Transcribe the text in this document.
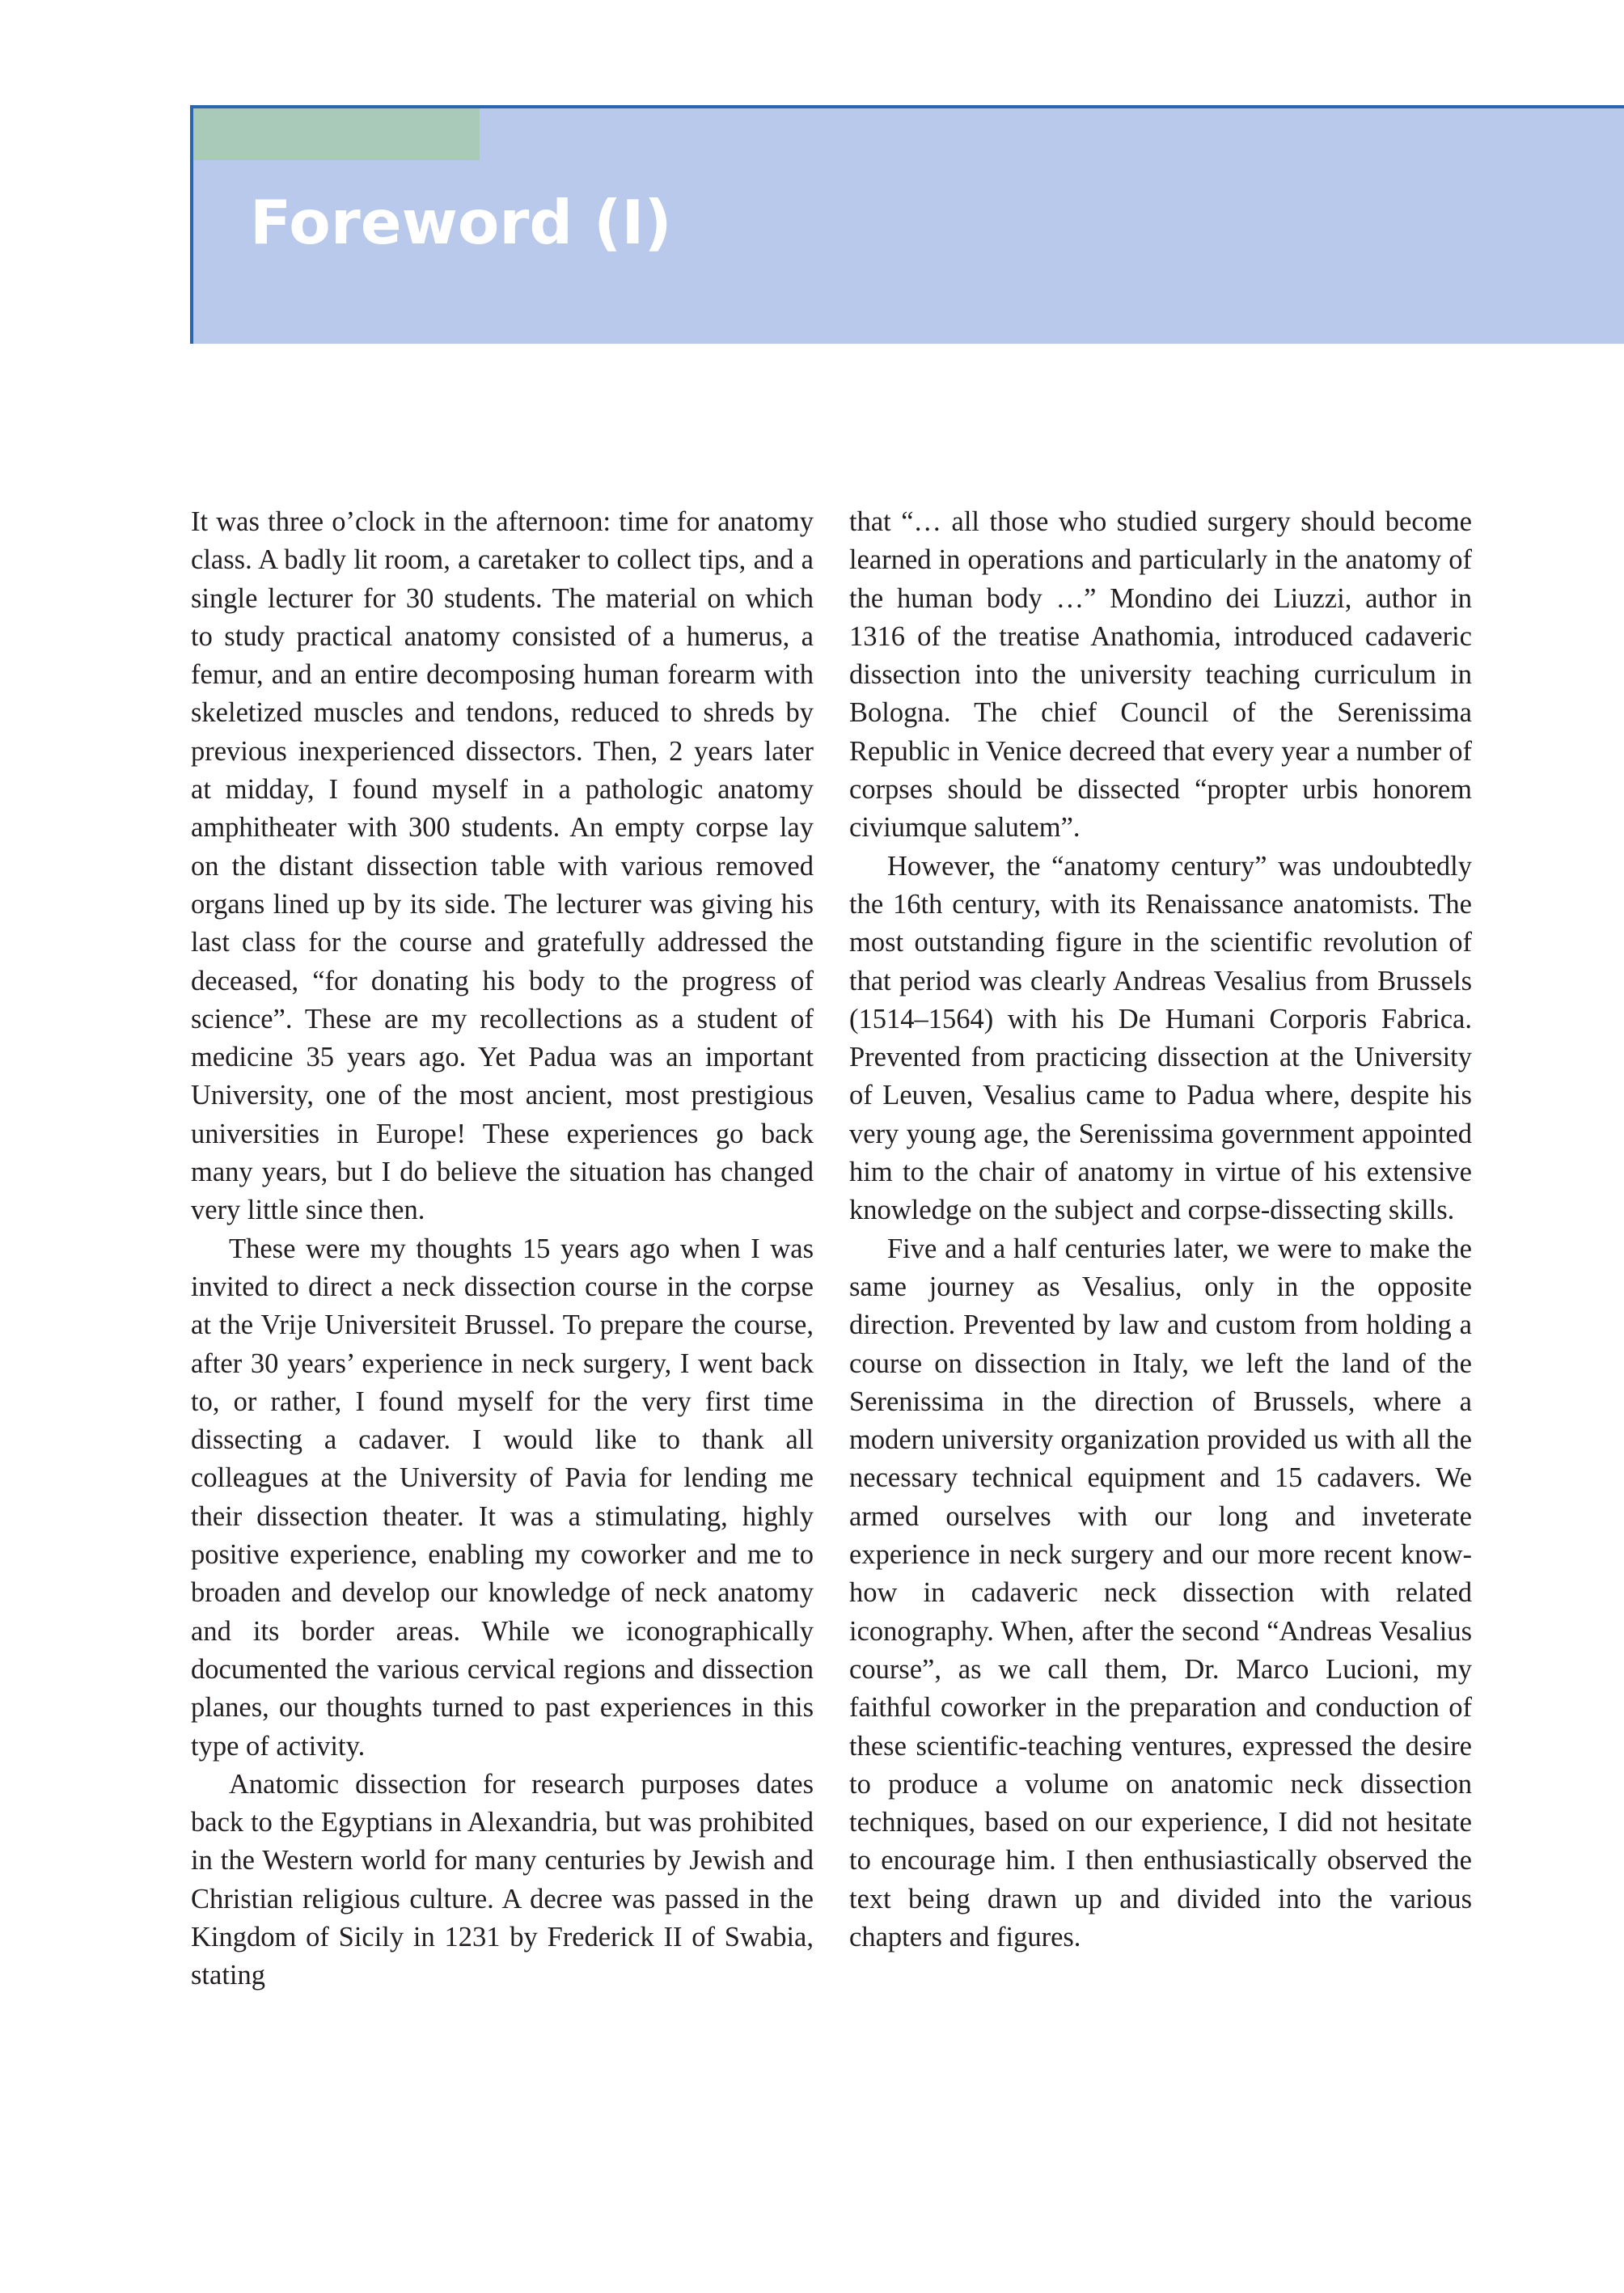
Foreword (I)

It was three o’clock in the afternoon: time for anatomy class. A badly lit room, a caretaker to collect tips, and a single lecturer for 30 students. The material on which to study practical anatomy consisted of a humerus, a femur, and an entire decomposing human forearm with skeletized muscles and tendons, reduced to shreds by previous inexperienced dissectors. Then, 2 years later at midday, I found myself in a pathologic anatomy amphitheater with 300 students. An empty corpse lay on the distant dissection table with various removed organs lined up by its side. The lecturer was giving his last class for the course and gratefully addressed the deceased, “for donating his body to the progress of science”. These are my recollections as a student of medicine 35 years ago. Yet Padua was an important University, one of the most ancient, most prestigious universities in Europe! These experiences go back many years, but I do believe the situation has changed very little since then.

These were my thoughts 15 years ago when I was invited to direct a neck dissection course in the corpse at the Vrije Universiteit Brussel. To prepare the course, after 30 years’ experience in neck surgery, I went back to, or rather, I found myself for the very first time dissecting a cadaver. I would like to thank all colleagues at the University of Pavia for lending me their dissection theater. It was a stimulating, highly positive experience, enabling my coworker and me to broaden and develop our knowledge of neck anatomy and its border areas. While we iconographically documented the various cervical regions and dissection planes, our thoughts turned to past experiences in this type of activity.

Anatomic dissection for research purposes dates back to the Egyptians in Alexandria, but was prohibited in the Western world for many centuries by Jewish and Christian religious culture. A decree was passed in the Kingdom of Sicily in 1231 by Frederick II of Swabia, stating

that “… all those who studied surgery should become learned in operations and particularly in the anatomy of the human body …” Mondino dei Liuzzi, author in 1316 of the treatise Anathomia, introduced cadaveric dissection into the university teaching curriculum in Bologna. The chief Council of the Serenissima Republic in Venice decreed that every year a number of corpses should be dissected “propter urbis honorem civiumque salutem”.

However, the “anatomy century” was undoubtedly the 16th century, with its Renaissance anatomists. The most outstanding figure in the scientific revolution of that period was clearly Andreas Vesalius from Brussels (1514–1564) with his De Humani Corporis Fabrica. Prevented from practicing dissection at the University of Leuven, Vesalius came to Padua where, despite his very young age, the Serenissima government appointed him to the chair of anatomy in virtue of his extensive knowledge on the subject and corpse-dissecting skills.

Five and a half centuries later, we were to make the same journey as Vesalius, only in the opposite direction. Prevented by law and custom from holding a course on dissection in Italy, we left the land of the Serenissima in the direction of Brussels, where a modern university organization provided us with all the necessary technical equipment and 15 cadavers. We armed ourselves with our long and inveterate experience in neck surgery and our more recent know-how in cadaveric neck dissection with related iconography. When, after the second “Andreas Vesalius course”, as we call them, Dr. Marco Lucioni, my faithful coworker in the preparation and conduction of these scientific-teaching ventures, expressed the desire to produce a volume on anatomic neck dissection techniques, based on our experience, I did not hesitate to encourage him. I then enthusiastically observed the text being drawn up and divided into the various chapters and figures.
